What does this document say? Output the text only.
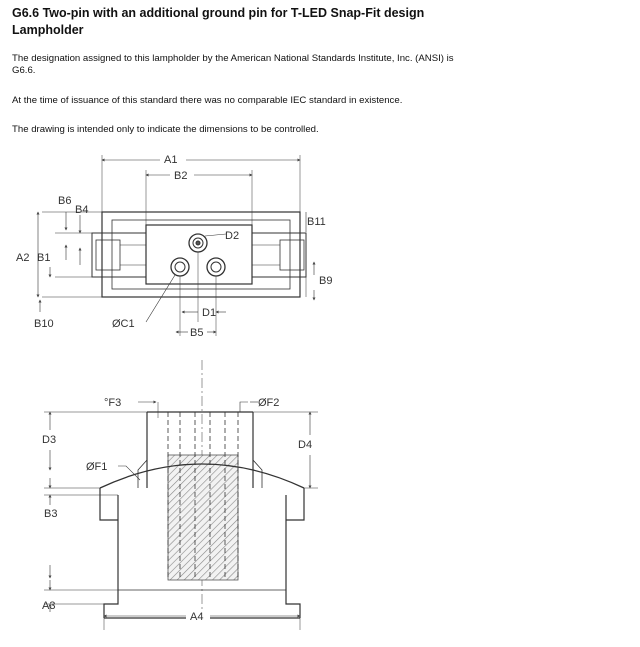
G6.6 Two-pin with an additional ground pin for T-LED Snap-Fit design
Lampholder
The designation assigned to this lampholder by the American National Standards Institute, Inc. (ANSI) is
G6.6.
At the time of issuance of this standard there was no comparable IEC standard in existence.
The drawing is intended only to indicate the dimensions to be controlled.
A1
B2
B6
B4
B11
A2 B1
D2
B9
B10	ØC1
D1
B5
°F3	ØF2
D3	D4
ØF1
B3
A3
A4
